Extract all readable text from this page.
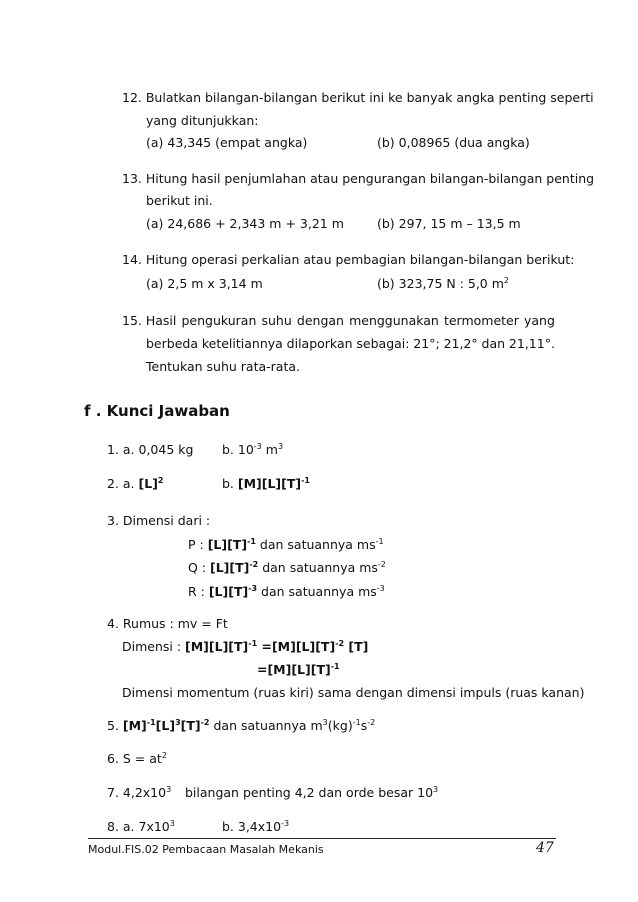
12. Bulatkan bilangan-bilangan berikut ini ke banyak angka penting seperti
yang ditunjukkan:
(a) 43,345 (empat angka)	(b) 0,08965 (dua angka)
13. Hitung hasil penjumlahan atau pengurangan bilangan-bilangan penting
berikut ini.
(a) 24,686 + 2,343 m + 3,21 m	(b) 297, 15 m – 13,5 m
14. Hitung operasi perkalian atau pembagian bilangan-bilangan berikut:
(a) 2,5 m x 3,14 m	(b) 323,75 N : 5,0 $m^2$
15. Hasil pengukuran suhu dengan menggunakan termometer yang
berbeda ketelitiannya dilaporkan sebagai: 21°; 21,2° dan 21,11°.
Tentukan suhu rata-rata.
f . Kunci Jawaban
1. a. 0,045 kg b. $10^{-3}$ $m^3$
2. a. $[L]^2$	b. $[M][L][T]^{-1}$
3. Dimensi dari :
P : $[L][T]^{-1}$ dan satuannya $ms^{-1}$
Q : $[L][T]^{-2}$ dan satuannya $ms^{-2}$
R : $[L][T]^{-3}$ dan satuannya $ms^{-3}$
4. Rumus : mv = Ft
Dimensi : $[M][L][T]^{-1} =[M][L][T]^{-2}$ [T]
$=[M][L][T]^{-1}$
Dimensi momentum (ruas kiri) sama dengan dimensi impuls (ruas kanan)
5. $[M]^{-1}[L]^3[T]^{-2}$ dan satuannya $m^3(kg)^{-1}s^{-2}$
6. $S = at^2$
7. $4,2x10^3$ bilangan penting 4,2 dan orde besar $10^3$
8. a. $7x10^3$	b. $3,4x10^{-3}$
Modul.FIS.02 Pembacaan Masalah Mekanis	47
